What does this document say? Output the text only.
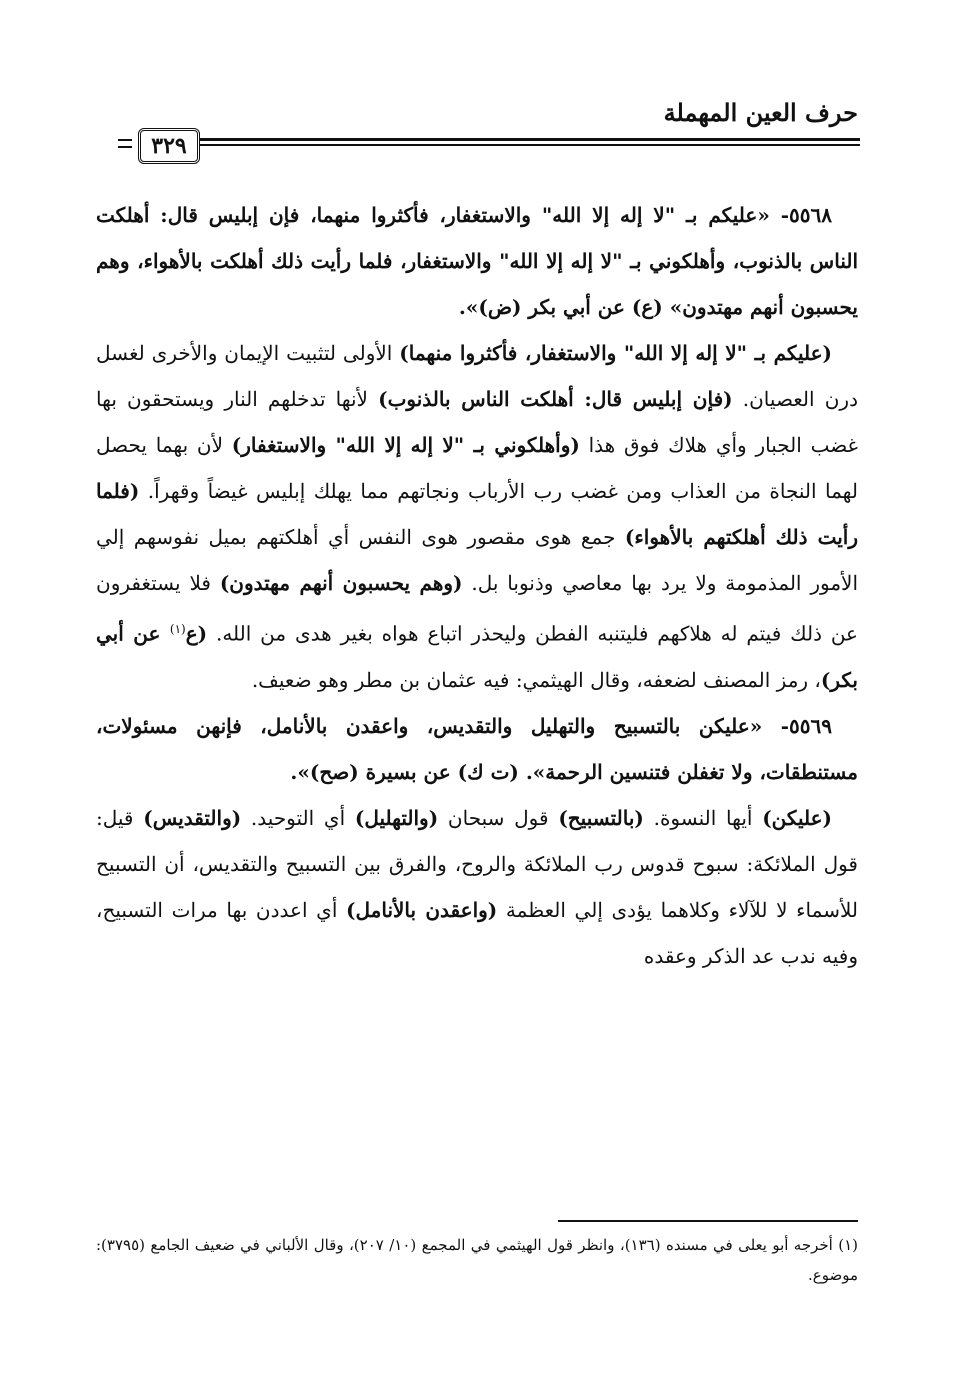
حرف العين المهملة
٣٢٩

٥٥٦٨- «عليكم بـ "لا إله إلا الله" والاستغفار، فأكثروا منهما، فإن إبليس قال: أهلكت الناس بالذنوب، وأهلكوني بـ "لا إله إلا الله" والاستغفار، فلما رأيت ذلك أهلكت بالأهواء، وهم يحسبون أنهم مهتدون» (ع) عن أبي بكر (ض)».

(عليكم بـ "لا إله إلا الله" والاستغفار، فأكثروا منهما) الأولى لتثبيت الإيمان والأخرى لغسل درن العصيان. (فإن إبليس قال: أهلكت الناس بالذنوب) لأنها تدخلهم النار ويستحقون بها غضب الجبار وأي هلاك فوق هذا (وأهلكوني بـ "لا إله إلا الله" والاستغفار) لأن بهما يحصل لهما النجاة من العذاب ومن غضب رب الأرباب ونجاتهم مما يهلك إبليس غيضاً وقهراً. (فلما رأيت ذلك أهلكتهم بالأهواء) جمع هوى مقصور هوى النفس أي أهلكتهم بميل نفوسهم إلي الأمور المذمومة ولا يرد بها معاصي وذنوبا بل. (وهم يحسبون أنهم مهتدون) فلا يستغفرون عن ذلك فيتم له هلاكهم فليتنبه الفطن وليحذر اتباع هواه بغير هدى من الله. (ع$^{(١)}$ عن أبي بكر)، رمز المصنف لضعفه، وقال الهيثمي: فيه عثمان بن مطر وهو ضعيف.

٥٥٦٩- «عليكن بالتسبيح والتهليل والتقديس، واعقدن بالأنامل، فإنهن مسئولات، مستنطقات، ولا تغفلن فتنسين الرحمة». (ت ك) عن بسيرة (صح)».

(عليكن) أيها النسوة. (بالتسبيح) قول سبحان (والتهليل) أي التوحيد. (والتقديس) قيل: قول الملائكة: سبوح قدوس رب الملائكة والروح، والفرق بين التسبيح والتقديس، أن التسبيح للأسماء لا للآلاء وكلاهما يؤدى إلي العظمة (واعقدن بالأنامل) أي اعددن بها مرات التسبيح، وفيه ندب عد الذكر وعقده

(١) أخرجه أبو يعلى في مسنده (١٣٦)، وانظر قول الهيثمي في المجمع (١٠/ ٢٠٧)، وقال الألباني في ضعيف الجامع (٣٧٩٥): موضوع.
